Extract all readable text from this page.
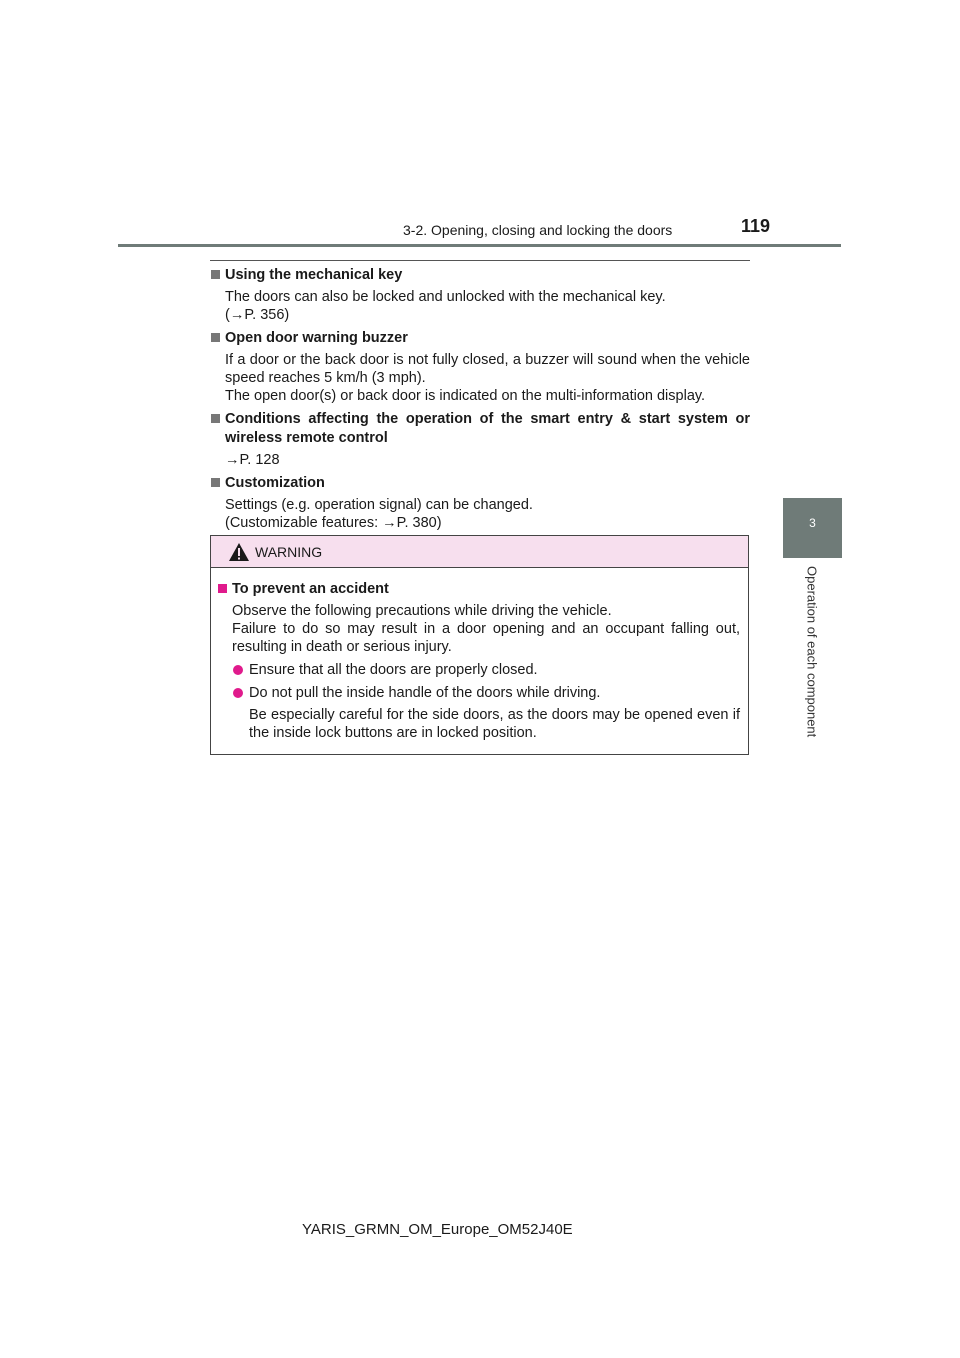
3-2. Opening, closing and locking the doors	119
3
Operation of each component
Using the mechanical key
The doors can also be locked and unlocked with the mechanical key.
(→P. 356)
Open door warning buzzer
If a door or the back door is not fully closed, a buzzer will sound when the vehicle speed reaches 5 km/h (3 mph).
The open door(s) or back door is indicated on the multi-information display.
Conditions affecting the operation of the smart entry & start system or wireless remote control
→P. 128
Customization
Settings (e.g. operation signal) can be changed.
(Customizable features: →P. 380)
WARNING
To prevent an accident
Observe the following precautions while driving the vehicle.
Failure to do so may result in a door opening and an occupant falling out, resulting in death or serious injury.
Ensure that all the doors are properly closed.
Do not pull the inside handle of the doors while driving.
Be especially careful for the side doors, as the doors may be opened even if the inside lock buttons are in locked position.
YARIS_GRMN_OM_Europe_OM52J40E
